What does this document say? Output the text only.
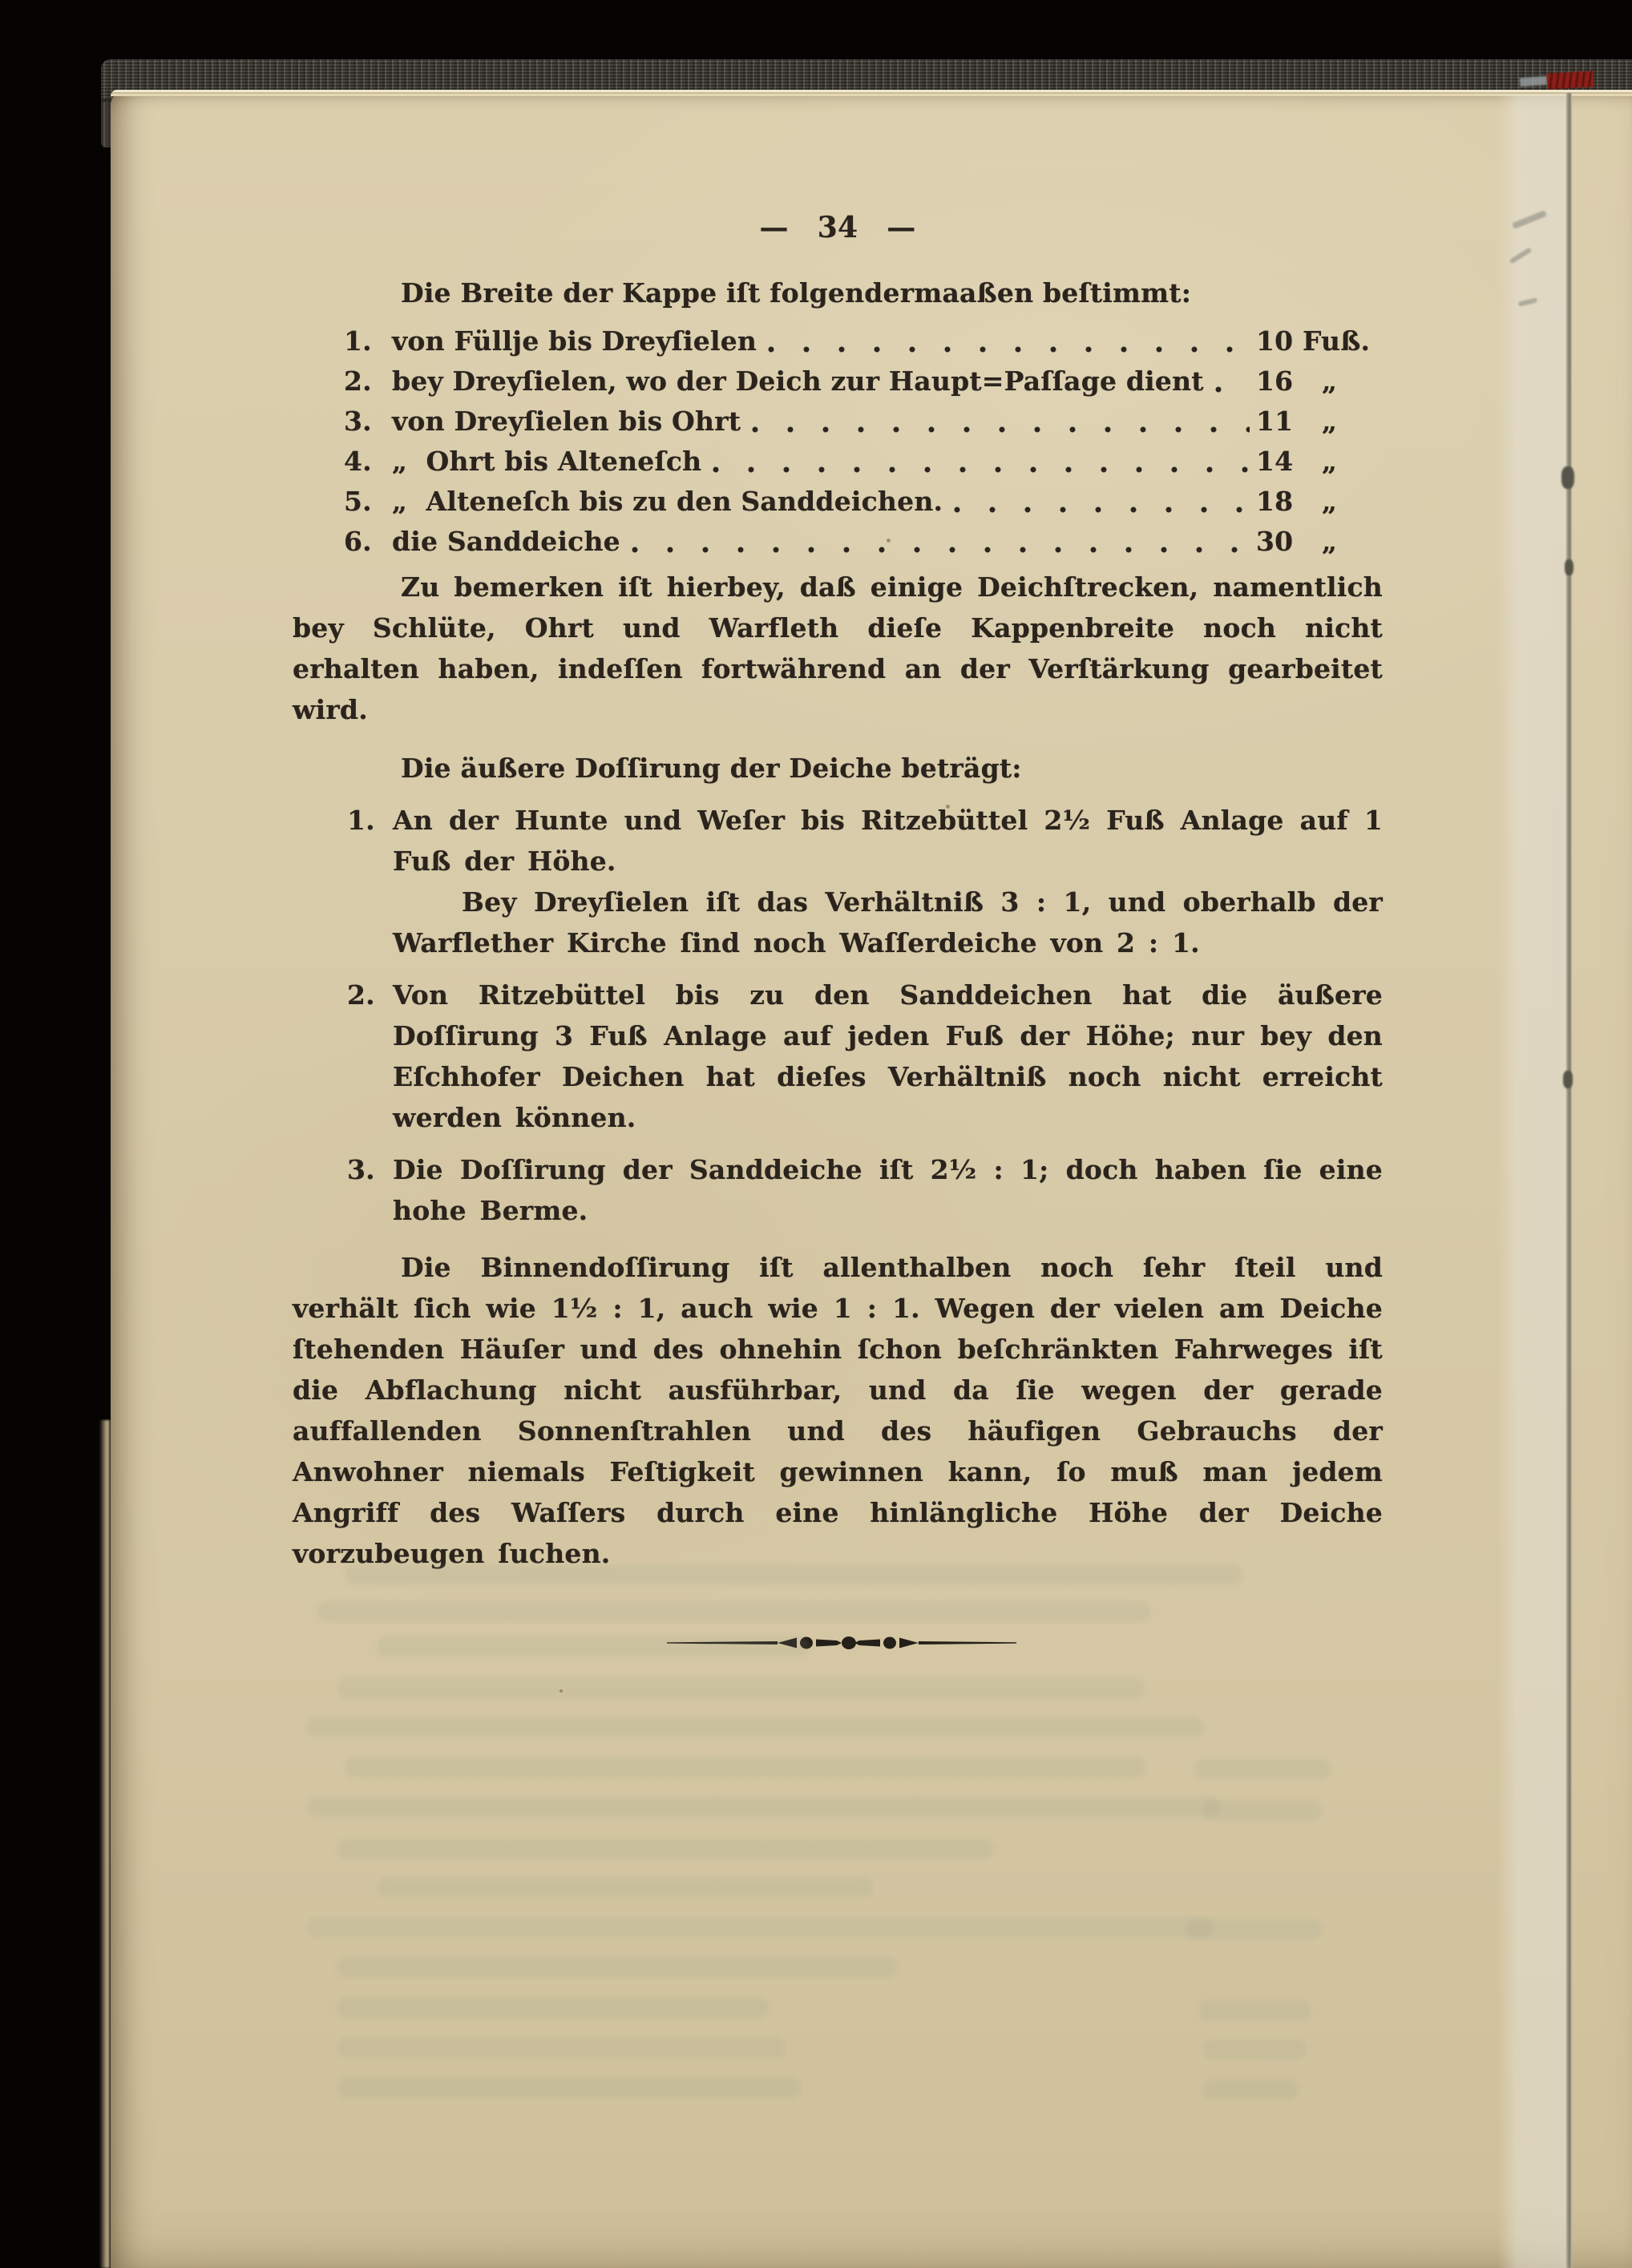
— 34 —

Die Breite der Kappe iſt folgendermaaßen beſtimmt:

1. von Füllje bis Dreyſielen	10 Fuß.
2. bey Dreyſielen, wo der Deich zur Haupt=Paſſage dient 16	„
3. von Dreyſielen bis Ohrt	11	„
4. „  Ohrt bis Alteneſch	14	„
5. „  Alteneſch bis zu den Sanddeichen.	18	„
6. die Sanddeiche	30	„

Zu bemerken iſt hierbey, daß einige Deichſtrecken, namentlich bey Schlüte, Ohrt und Warfleth dieſe Kappenbreite noch nicht erhalten haben, indeſſen fortwährend an der Verſtärkung gearbeitet wird.

Die äußere Doſſirung der Deiche beträgt:

1. An der Hunte und Weſer bis Ritzebüttel 2½ Fuß Anlage auf 1 Fuß der Höhe.

Bey Dreyſielen iſt das Verhältniß 3 : 1, und oberhalb der Warflether Kirche ſind noch Waſſerdeiche von 2 : 1.

2. Von Ritzebüttel bis zu den Sanddeichen hat die äußere Doſſirung 3 Fuß Anlage auf jeden Fuß der Höhe; nur bey den Eſchhofer Deichen hat dieſes Verhältniß noch nicht erreicht werden können.

3. Die Doſſirung der Sanddeiche iſt 2½ : 1; doch haben ſie eine hohe Berme.

Die Binnendoſſirung iſt allenthalben noch ſehr ſteil und verhält ſich wie 1½ : 1, auch wie 1 : 1. Wegen der vielen am Deiche ſtehenden Häuſer und des ohnehin ſchon beſchränkten Fahrweges iſt die Abflachung nicht ausführbar, und da ſie wegen der gerade auffallenden Sonnenſtrahlen und des häufigen Gebrauchs der Anwohner niemals Feſtigkeit gewinnen kann, ſo muß man jedem Angriff des Waſſers durch eine hinlängliche Höhe der Deiche vorzubeugen ſuchen.
